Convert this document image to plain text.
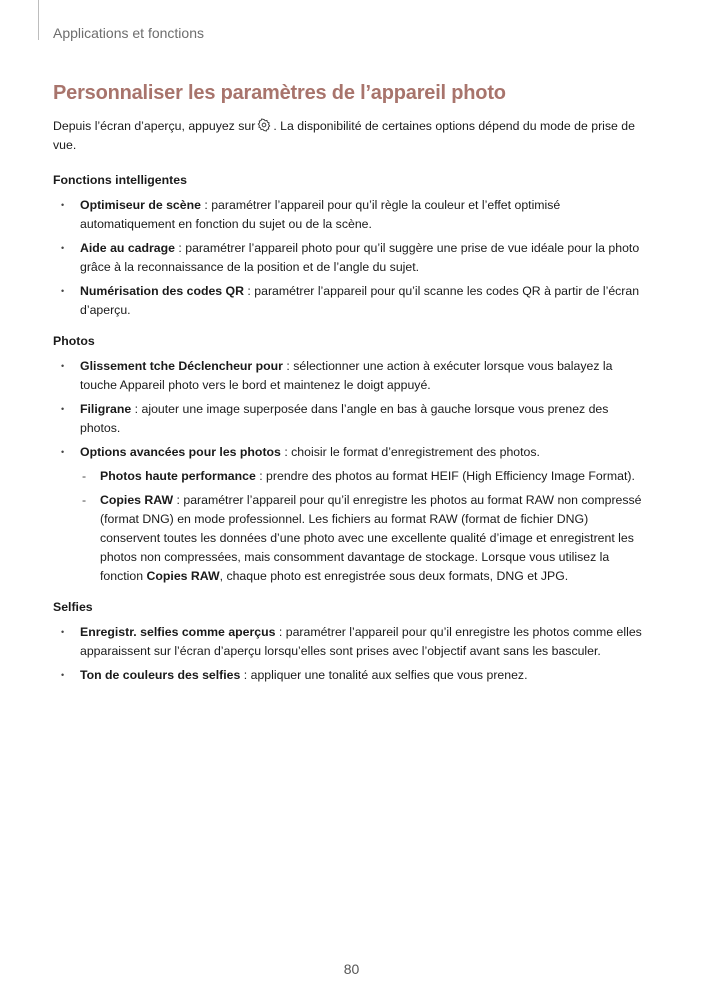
Applications et fonctions
Personnaliser les paramètres de l’appareil photo

Depuis l’écran d’aperçu, appuyez sur . La disponibilité de certaines options dépend du mode de prise de vue.

Fonctions intelligentes
• Optimiseur de scène : paramétrer l’appareil pour qu’il règle la couleur et l’effet optimisé automatiquement en fonction du sujet ou de la scène.
• Aide au cadrage : paramétrer l’appareil photo pour qu’il suggère une prise de vue idéale pour la photo grâce à la reconnaissance de la position et de l’angle du sujet.
• Numérisation des codes QR : paramétrer l’appareil pour qu’il scanne les codes QR à partir de l’écran d’aperçu.
Photos
• Glissement tche Déclencheur pour : sélectionner une action à exécuter lorsque vous balayez la touche Appareil photo vers le bord et maintenez le doigt appuyé.
• Filigrane : ajouter une image superposée dans l’angle en bas à gauche lorsque vous prenez des photos.
• Options avancées pour les photos : choisir le format d’enregistrement des photos.
- Photos haute performance : prendre des photos au format HEIF (High Efficiency Image Format).
- Copies RAW : paramétrer l’appareil pour qu’il enregistre les photos au format RAW non compressé (format DNG) en mode professionnel. Les fichiers au format RAW (format de fichier DNG) conservent toutes les données d’une photo avec une excellente qualité d’image et enregistrent les photos non compressées, mais consomment davantage de stockage. Lorsque vous utilisez la fonction Copies RAW, chaque photo est enregistrée sous deux formats, DNG et JPG.
Selfies
• Enregistr. selfies comme aperçus : paramétrer l’appareil pour qu’il enregistre les photos comme elles apparaissent sur l’écran d’aperçu lorsqu’elles sont prises avec l’objectif avant sans les basculer.
• Ton de couleurs des selfies : appliquer une tonalité aux selfies que vous prenez.
80
